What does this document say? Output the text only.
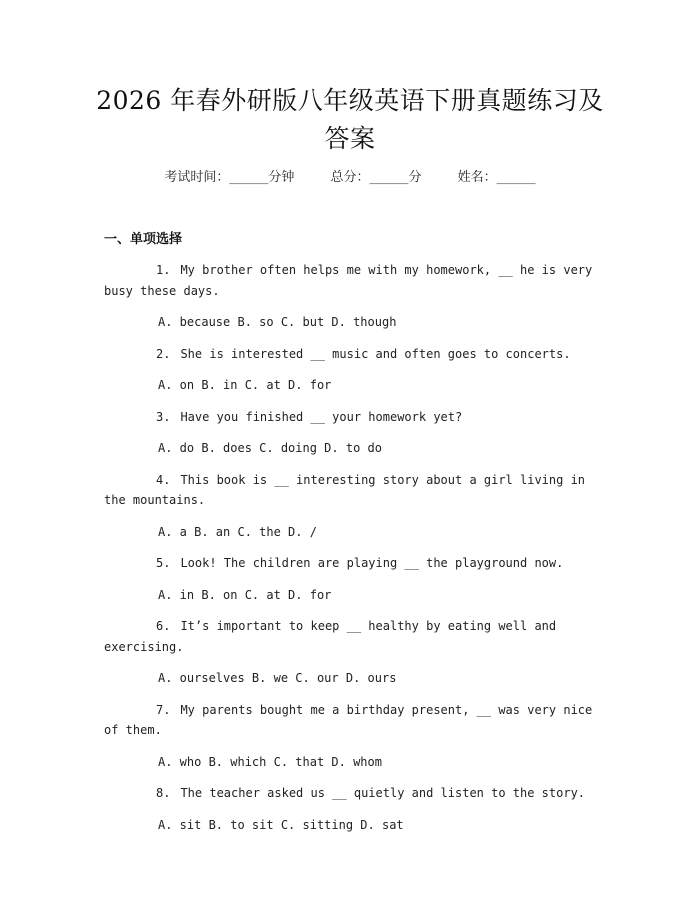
2026 年春外研版八年级英语下册真题练习及答案
考试时间：______分钟	总分：______分	姓名：______
一、单项选择

1. My brother often helps me with my homework, __ he is very busy these days.

A. because B. so C. but D. though

2. She is interested __ music and often goes to concerts.

A. on B. in C. at D. for

3. Have you finished __ your homework yet?

A. do B. does C. doing D. to do

4. This book is __ interesting story about a girl living in the mountains.

A. a B. an C. the D. /

5. Look! The children are playing __ the playground now.

A. in B. on C. at D. for

6. It’s important to keep __ healthy by eating well and exercising.

A. ourselves B. we C. our D. ours

7. My parents bought me a birthday present, __ was very nice of them.

A. who B. which C. that D. whom

8. The teacher asked us __ quietly and listen to the story.

A. sit B. to sit C. sitting D. sat
